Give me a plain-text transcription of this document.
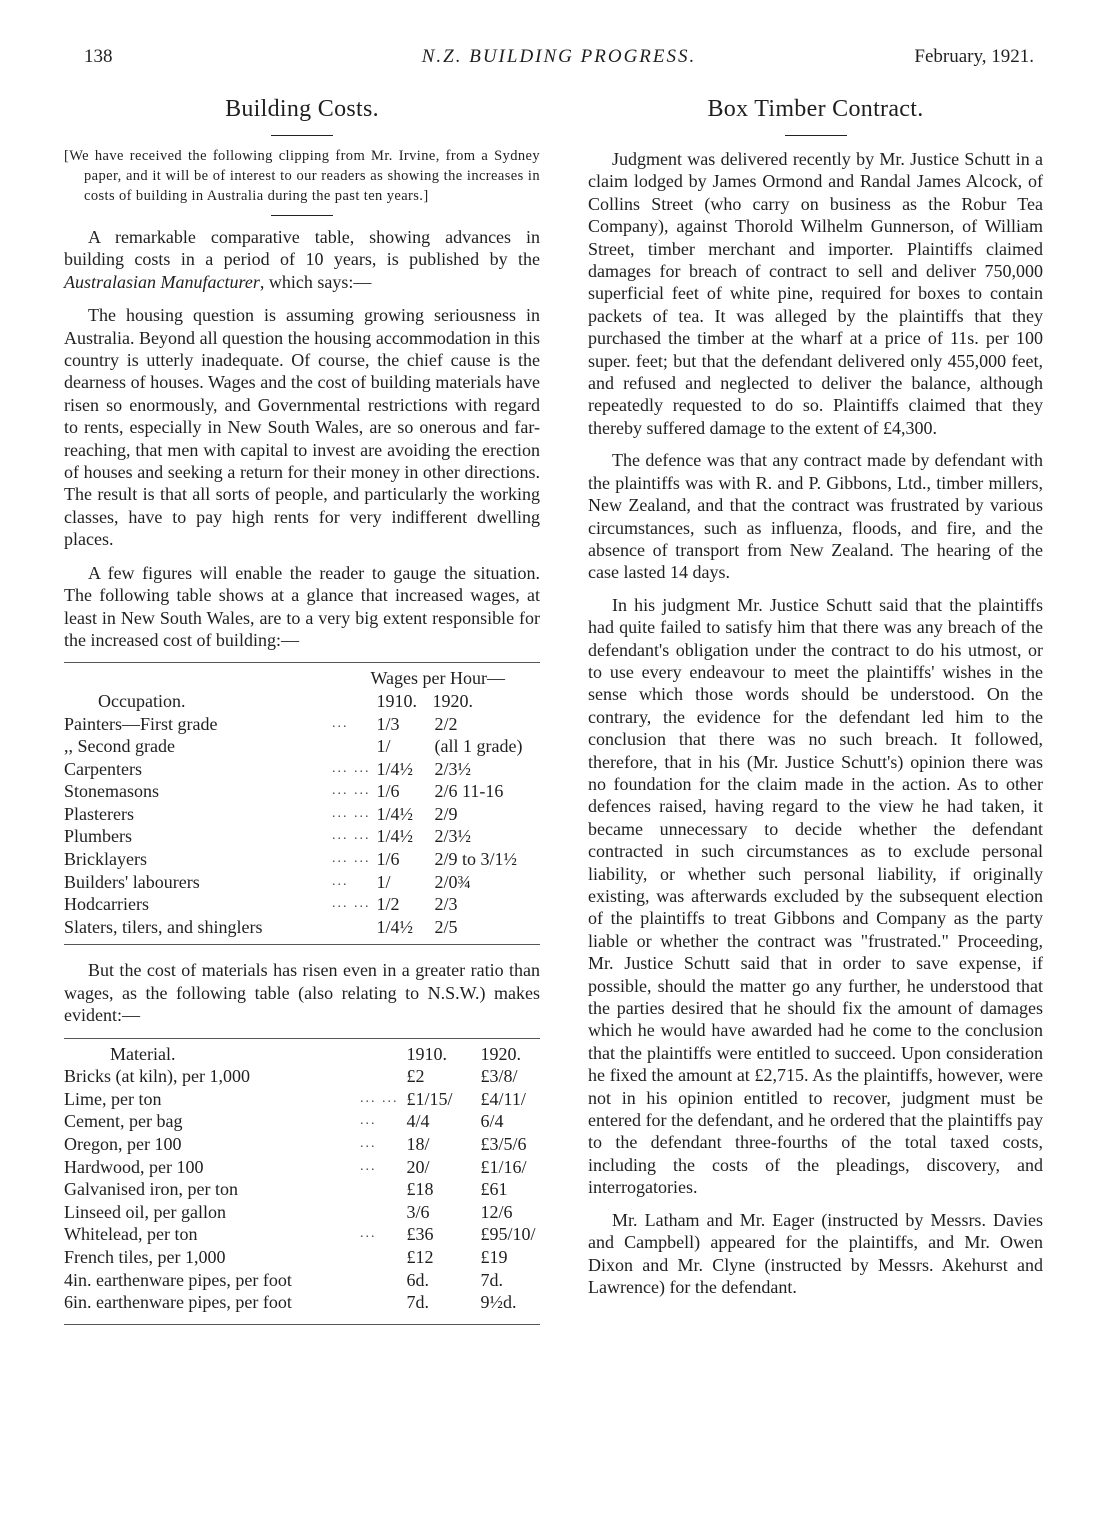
138	N.Z. BUILDING PROGRESS.	February, 1921.
Building Costs.

[We have received the following clipping from Mr. Irvine, from a Sydney paper, and it will be of interest to our readers as showing the increases in costs of building in Australia during the past ten years.]

A remarkable comparative table, showing advances in building costs in a period of 10 years, is published by the Australasian Manufacturer, which says:—

The housing question is assuming growing seriousness in Australia. Beyond all question the housing accommodation in this country is utterly inadequate. Of course, the chief cause is the dearness of houses. Wages and the cost of building materials have risen so enormously, and Governmental restrictions with regard to rents, especially in New South Wales, are so onerous and far-reaching, that men with capital to invest are avoiding the erection of houses and seeking a return for their money in other directions. The result is that all sorts of people, and particularly the working classes, have to pay high rents for very indifferent dwelling places.

A few figures will enable the reader to gauge the situation. The following table shows at a glance that increased wages, at least in New South Wales, are to a very big extent responsible for the increased cost of building:—

		Wages per Hour—	
Occupation.		1910.	1920.
Painters—First grade	...	1/3	2/2
,, Second grade		1/	(all 1 grade)
Carpenters	... ...	1/4½	2/3½
Stonemasons	... ...	1/6	2/6 11-16
Plasterers	... ...	1/4½	2/9
Plumbers	... ...	1/4½	2/3½
Bricklayers	... ...	1/6	2/9 to 3/1½
Builders' labourers	...	1/	2/0¾
Hodcarriers	... ...	1/2	2/3
Slaters, tilers, and shinglers		1/4½	2/5

But the cost of materials has risen even in a greater ratio than wages, as the following table (also relating to N.S.W.) makes evident:—

Material.		1910.	1920.
Bricks (at kiln), per 1,000		£2	£3/8/
Lime, per ton	... ...	£1/15/	£4/11/
Cement, per bag	...	4/4	6/4
Oregon, per 100	...	18/	£3/5/6
Hardwood, per 100	...	20/	£1/16/
Galvanised iron, per ton		£18	£61
Linseed oil, per gallon		3/6	12/6
Whitelead, per ton	...	£36	£95/10/
French tiles, per 1,000		£12	£19
4in. earthenware pipes, per foot		6d.	7d.
6in. earthenware pipes, per foot		7d.	9½d.
Box Timber Contract.

Judgment was delivered recently by Mr. Justice Schutt in a claim lodged by James Ormond and Randal James Alcock, of Collins Street (who carry on business as the Robur Tea Company), against Thorold Wilhelm Gunnerson, of William Street, timber merchant and importer. Plaintiffs claimed damages for breach of contract to sell and deliver 750,000 superficial feet of white pine, required for boxes to contain packets of tea. It was alleged by the plaintiffs that they purchased the timber at the wharf at a price of 11s. per 100 super. feet; but that the defendant delivered only 455,000 feet, and refused and neglected to deliver the balance, although repeatedly requested to do so. Plaintiffs claimed that they thereby suffered damage to the extent of £4,300.

The defence was that any contract made by defendant with the plaintiffs was with R. and P. Gibbons, Ltd., timber millers, New Zealand, and that the contract was frustrated by various circumstances, such as influenza, floods, and fire, and the absence of transport from New Zealand. The hearing of the case lasted 14 days.

In his judgment Mr. Justice Schutt said that the plaintiffs had quite failed to satisfy him that there was any breach of the defendant's obligation under the contract to do his utmost, or to use every endeavour to meet the plaintiffs' wishes in the sense which those words should be understood. On the contrary, the evidence for the defendant led him to the conclusion that there was no such breach. It followed, therefore, that in his (Mr. Justice Schutt's) opinion there was no foundation for the claim made in the action. As to other defences raised, having regard to the view he had taken, it became unnecessary to decide whether the defendant contracted in such circumstances as to exclude personal liability, or whether such personal liability, if originally existing, was afterwards excluded by the subsequent election of the plaintiffs to treat Gibbons and Company as the party liable or whether the contract was "frustrated." Proceeding, Mr. Justice Schutt said that in order to save expense, if possible, should the matter go any further, he understood that the parties desired that he should fix the amount of damages which he would have awarded had he come to the conclusion that the plaintiffs were entitled to succeed. Upon consideration he fixed the amount at £2,715. As the plaintiffs, however, were not in his opinion entitled to recover, judgment must be entered for the defendant, and he ordered that the plaintiffs pay to the defendant three-fourths of the total taxed costs, including the costs of the pleadings, discovery, and interrogatories.

Mr. Latham and Mr. Eager (instructed by Messrs. Davies and Campbell) appeared for the plaintiffs, and Mr. Owen Dixon and Mr. Clyne (instructed by Messrs. Akehurst and Lawrence) for the defendant.
